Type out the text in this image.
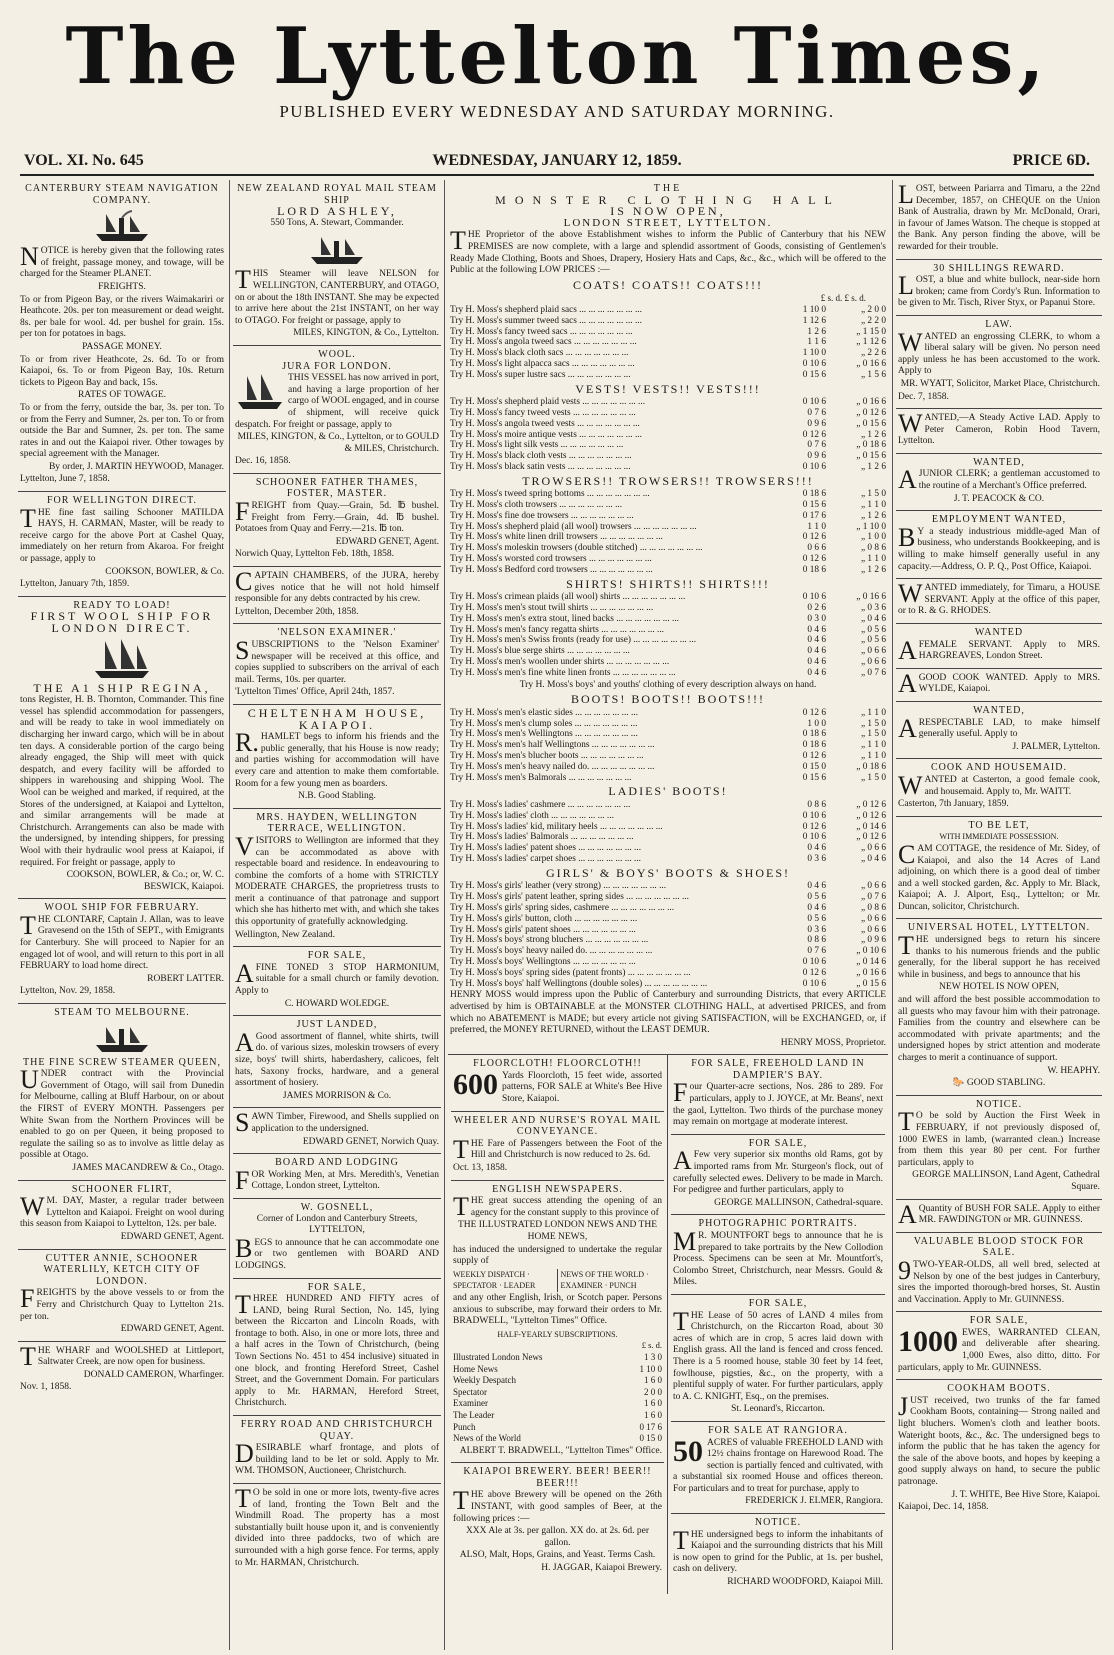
The Lyttelton Times,
PUBLISHED EVERY WEDNESDAY AND SATURDAY MORNING.
WEDNESDAY, JANUARY 12, 1859.
VOL. XI. No. 645	PRICE 6D.
CANTERBURY STEAM NAVIGATION COMPANY.

NOTICE is hereby given that the following rates of freight, passage money, and towage, will be charged for the Steamer PLANET.

FREIGHTS.

To or from Pigeon Bay, or the rivers Waimakariri or Heathcote. 20s. per ton measurement or dead weight. 8s. per bale for wool. 4d. per bushel for grain. 15s. per ton for potatoes in bags.

PASSAGE MONEY.

To or from river Heathcote, 2s. 6d. To or from Kaiapoi, 6s. To or from Pigeon Bay, 10s. Return tickets to Pigeon Bay and back, 15s.

RATES OF TOWAGE.

To or from the ferry, outside the bar, 3s. per ton. To or from the Ferry and Sumner, 2s. per ton. To or from outside the Bar and Sumner, 2s. per ton. The same rates in and out the Kaiapoi river. Other towages by special agreement with the Manager.

By order, J. MARTIN HEYWOOD, Manager.

Lyttelton, June 7, 1858.

FOR WELLINGTON DIRECT.

THE fine fast sailing Schooner MATILDA HAYS, H. CARMAN, Master, will be ready to receive cargo for the above Port at Cashel Quay, immediately on her return from Akaroa. For freight or passage, apply to

COOKSON, BOWLER, & Co.

Lyttelton, January 7th, 1859.

READY TO LOAD!
FIRST WOOL SHIP FOR LONDON DIRECT.
THE A1 SHIP REGINA,

tons Register, H. B. Thornton, Commander. This fine vessel has splendid accommodation for passengers, and will be ready to take in wool immediately on discharging her inward cargo, which will be in about ten days. A considerable portion of the cargo being already engaged, the Ship will meet with quick despatch, and every facility will be afforded to shippers in warehousing and shipping Wool. The Wool can be weighed and marked, if required, at the Stores of the undersigned, at Kaiapoi and Lyttelton, and similar arrangements will be made at Christchurch. Arrangements can also be made with the undersigned, by intending shippers, for pressing Wool with their hydraulic wool press at Kaiapoi, if required. For freight or passage, apply to

COOKSON, BOWLER, & Co.; or, W. C. BESWICK, Kaiapoi.

WOOL SHIP FOR FEBRUARY.

THE CLONTARF, Captain J. Allan, was to leave Gravesend on the 15th of SEPT., with Emigrants for Canterbury. She will proceed to Napier for an engaged lot of wool, and will return to this port in all FEBRUARY to load home direct.

ROBERT LATTER.

Lyttelton, Nov. 29, 1858.

STEAM TO MELBOURNE.
THE FINE SCREW STEAMER QUEEN,

UNDER contract with the Provincial Government of Otago, will sail from Dunedin for Melbourne, calling at Bluff Harbour, on or about the FIRST of EVERY MONTH. Passengers per White Swan from the Northern Provinces will be enabled to go on per Queen, it being proposed to regulate the sailing so as to involve as little delay as possible at Otago.

JAMES MACANDREW & Co., Otago.

SCHOONER FLIRT,

WM. DAY, Master, a regular trader between Lyttelton and Kaiapoi. Freight on wool during this season from Kaiapoi to Lyttelton, 12s. per bale.

EDWARD GENET, Agent.

CUTTER ANNIE, SCHOONER WATERLILY, KETCH CITY OF LONDON.

FREIGHTS by the above vessels to or from the Ferry and Christchurch Quay to Lyttelton 21s. per ton.

EDWARD GENET, Agent.

THE WHARF and WOOLSHED at Littleport, Saltwater Creek, are now open for business.

DONALD CAMERON, Wharfinger.

Nov. 1, 1858.

NEW ZEALAND ROYAL MAIL STEAM SHIP
LORD ASHLEY,
550 Tons, A. Stewart, Commander.

THIS Steamer will leave NELSON for WELLINGTON, CANTERBURY, and OTAGO, on or about the 18th INSTANT. She may be expected to arrive here about the 21st INSTANT, on her way to OTAGO. For freight or passage, apply to

MILES, KINGTON, & Co., Lyttelton.

WOOL.
JURA FOR LONDON.

THIS VESSEL has now arrived in port, and having a large proportion of her cargo of WOOL engaged, and in course of shipment, will receive quick despatch. For freight or passage, apply to

MILES, KINGTON, & Co., Lyttelton, or to GOULD & MILES, Christchurch.

Dec. 16, 1858.

SCHOONER FATHER THAMES, FOSTER, MASTER.

FREIGHT from Quay.—Grain, 5d. ℔ bushel. Freight from Ferry.—Grain, 4d. ℔ bushel. Potatoes from Quay and Ferry.—21s. ℔ ton.

EDWARD GENET, Agent.

Norwich Quay, Lyttelton Feb. 18th, 1858.

CAPTAIN CHAMBERS, of the JURA, hereby gives notice that he will not hold himself responsible for any debts contracted by his crew.

Lyttelton, December 20th, 1858.

'NELSON EXAMINER.'

SUBSCRIPTIONS to the 'Nelson Examiner' newspaper will be received at this office, and copies supplied to subscribers on the arrival of each mail. Terms, 10s. per quarter.

'Lyttelton Times' Office, April 24th, 1857.

CHELTENHAM HOUSE, KAIAPOI.

R.HAMLET begs to inform his friends and the public generally, that his House is now ready; and parties wishing for accommodation will have every care and attention to make them comfortable. Room for a few young men as boarders.

N.B. Good Stabling.

MRS. HAYDEN, WELLINGTON TERRACE, WELLINGTON.

VISITORS to Wellington are informed that they can be accommodated as above with respectable board and residence. In endeavouring to combine the comforts of a home with STRICTLY MODERATE CHARGES, the proprietress trusts to merit a continuance of that patronage and support which she has hitherto met with, and which she takes this opportunity of gratefully acknowledging.

Wellington, New Zealand.

FOR SALE,

AFINE TONED 3 STOP HARMONIUM, suitable for a small church or family devotion. Apply to

C. HOWARD WOLEDGE.

JUST LANDED,

AGood assortment of flannel, white shirts, twill do. of various sizes, moleskin trowsers of every size, boys' twill shirts, haberdashery, calicoes, felt hats, Saxony frocks, hardware, and a general assortment of hosiery.

JAMES MORRISON & Co.

SAWN Timber, Firewood, and Shells supplied on application to the undersigned.

EDWARD GENET, Norwich Quay.

BOARD AND LODGING

FOR Working Men, at Mrs. Meredith's, Venetian Cottage, London street, Lyttelton.

W. GOSNELL,
Corner of London and Canterbury Streets, LYTTELTON,

BEGS to announce that he can accommodate one or two gentlemen with BOARD AND LODGINGS.

FOR SALE,

THREE HUNDRED AND FIFTY acres of LAND, being Rural Section, No. 145, lying between the Riccarton and Lincoln Roads, with frontage to both. Also, in one or more lots, three and a half acres in the Town of Christchurch, (being Town Sections No. 451 to 454 inclusive) situated in one block, and fronting Hereford Street, Cashel Street, and the Government Domain. For particulars apply to Mr. HARMAN, Hereford Street, Christchurch.

FERRY ROAD AND CHRISTCHURCH QUAY.

DESIRABLE wharf frontage, and plots of building land to be let or sold. Apply to Mr. WM. THOMSON, Auctioneer, Christchurch.

TO be sold in one or more lots, twenty-five acres of land, fronting the Town Belt and the Windmill Road. The property has a most substantially built house upon it, and is conveniently divided into three paddocks, two of which are surrounded with a high gorse fence. For terms, apply to Mr. HARMAN, Christchurch.

THE
MONSTER CLOTHING HALL
IS NOW OPEN,
LONDON STREET, LYTTELTON.

THE Proprietor of the above Establishment wishes to inform the Public of Canterbury that his NEW PREMISES are now complete, with a large and splendid assortment of Goods, consisting of Gentlemen's Ready Made Clothing, Boots and Shoes, Drapery, Hosiery Hats and Caps, &c., &c., which will be offered to the Public at the following LOW PRICES :—

COATS! COATS!! COATS!!!
£ s. d. £ s. d.
Try H. Moss's shepherd plaid sacs ... ... ... ... ... ... ...	1 10 0	„ 2 0 0
Try H. Moss's summer tweed sacs ... ... ... ... ... ... ...	1 12 6	„ 2 2 0
Try H. Moss's fancy tweed sacs ... ... ... ... ... ... ...	1 2 6	„ 1 15 0
Try H. Moss's angola tweed sacs ... ... ... ... ... ... ...	1 1 6	„ 1 12 6
Try H. Moss's black cloth sacs ... ... ... ... ... ... ...	1 10 0	„ 2 2 6
Try H. Moss's light alpacca sacs ... ... ... ... ... ... ...	0 10 6	„ 0 16 6
Try H. Moss's super lustre sacs ... ... ... ... ... ... ...	0 15 6	„ 1 5 6
VESTS! VESTS!! VESTS!!!
Try H. Moss's shepherd plaid vests ... ... ... ... ... ... ...	0 10 6	„ 0 16 6
Try H. Moss's fancy tweed vests ... ... ... ... ... ... ...	0 7 6	„ 0 12 6
Try H. Moss's angola tweed vests ... ... ... ... ... ... ...	0 9 6	„ 0 15 6
Try H. Moss's moire antique vests ... ... ... ... ... ... ...	0 12 6	„ 1 2 6
Try H. Moss's light silk vests ... ... ... ... ... ... ...	0 7 6	„ 0 18 6
Try H. Moss's black cloth vests ... ... ... ... ... ... ...	0 9 6	„ 0 15 6
Try H. Moss's black satin vests ... ... ... ... ... ... ...	0 10 6	„ 1 2 6
TROWSERS!! TROWSERS!! TROWSERS!!!
Try H. Moss's tweed spring bottoms ... ... ... ... ... ... ...	0 18 6	„ 1 5 0
Try H. Moss's cloth trowsers ... ... ... ... ... ... ...	0 15 6	„ 1 1 0
Try H. Moss's fine doe trowsers ... ... ... ... ... ... ...	0 17 6	„ 1 2 6
Try H. Moss's shepherd plaid (all wool) trowsers ... ... ... ... ... ... ...	1 1 0	„ 1 10 0
Try H. Moss's white linen drill trowsers ... ... ... ... ... ... ...	0 12 6	„ 1 0 0
Try H. Moss's moleskin trowsers (double stitched) ... ... ... ... ... ... ...	0 6 6	„ 0 8 6
Try H. Moss's worsted cord trowsers ... ... ... ... ... ... ...	0 12 6	„ 1 1 0
Try H. Moss's Bedford cord trowsers ... ... ... ... ... ... ...	0 18 6	„ 1 2 6
SHIRTS! SHIRTS!! SHIRTS!!!
Try H. Moss's crimean plaids (all wool) shirts ... ... ... ... ... ... ...	0 10 6	„ 0 16 6
Try H. Moss's men's stout twill shirts ... ... ... ... ... ... ...	0 2 6	„ 0 3 6
Try H. Moss's men's extra stout, lined backs ... ... ... ... ... ... ...	0 3 0	„ 0 4 6
Try H. Moss's men's fancy regatta shirts ... ... ... ... ... ... ...	0 4 6	„ 0 5 6
Try H. Moss's men's Swiss fronts (ready for use) ... ... ... ... ... ... ...	0 4 6	„ 0 5 6
Try H. Moss's blue serge shirts ... ... ... ... ... ... ...	0 4 6	„ 0 6 6
Try H. Moss's men's woollen under shirts ... ... ... ... ... ... ...	0 4 6	„ 0 6 6
Try H. Moss's men's fine white linen fronts ... ... ... ... ... ... ...	0 4 6	„ 0 7 6

Try H. Moss's boys' and youths' clothing of every description always on hand.

BOOTS! BOOTS!! BOOTS!!!
Try H. Moss's men's elastic sides ... ... ... ... ... ... ...	0 12 6	„ 1 1 0
Try H. Moss's men's clump soles ... ... ... ... ... ... ...	1 0 0	„ 1 5 0
Try H. Moss's men's Wellingtons ... ... ... ... ... ... ...	0 18 6	„ 1 5 0
Try H. Moss's men's half Wellingtons ... ... ... ... ... ... ...	0 18 6	„ 1 1 0
Try H. Moss's men's blucher boots ... ... ... ... ... ... ...	0 12 6	„ 1 1 0
Try H. Moss's men's heavy nailed do. ... ... ... ... ... ... ...	0 15 0	„ 0 18 6
Try H. Moss's men's Balmorals ... ... ... ... ... ... ...	0 15 6	„ 1 5 0
LADIES' BOOTS!
Try H. Moss's ladies' cashmere ... ... ... ... ... ... ...	0 8 6	„ 0 12 6
Try H. Moss's ladies' cloth ... ... ... ... ... ... ...	0 10 6	„ 0 12 6
Try H. Moss's ladies' kid, military heels ... ... ... ... ... ... ...	0 12 6	„ 0 14 6
Try H. Moss's ladies' Balmorals ... ... ... ... ... ... ...	0 10 6	„ 0 12 6
Try H. Moss's ladies' patent shoes ... ... ... ... ... ... ...	0 4 6	„ 0 6 6
Try H. Moss's ladies' carpet shoes ... ... ... ... ... ... ...	0 3 6	„ 0 4 6
GIRLS' & BOYS' BOOTS & SHOES!
Try H. Moss's girls' leather (very strong) ... ... ... ... ... ... ...	0 4 6	„ 0 6 6
Try H. Moss's girls' patent leather, spring sides ... ... ... ... ... ... ...	0 5 6	„ 0 7 6
Try H. Moss's girls' spring sides, cashmere ... ... ... ... ... ... ...	0 4 6	„ 0 8 6
Try H. Moss's girls' button, cloth ... ... ... ... ... ... ...	0 5 6	„ 0 6 6
Try H. Moss's girls' patent shoes ... ... ... ... ... ... ...	0 3 6	„ 0 6 6
Try H. Moss's boys' strong bluchers ... ... ... ... ... ... ...	0 8 6	„ 0 9 6
Try H. Moss's boys' heavy nailed do. ... ... ... ... ... ... ...	0 7 6	„ 0 10 6
Try H. Moss's boys' Wellingtons ... ... ... ... ... ... ...	0 10 6	„ 0 14 6
Try H. Moss's boys' spring sides (patent fronts) ... ... ... ... ... ... ...	0 12 6	„ 0 16 6
Try H. Moss's boys' half Wellingtons (double soles) ... ... ... ... ... ... ...	0 10 6	„ 0 15 6

HENRY MOSS would impress upon the Public of Canterbury and surrounding Districts, that every ARTICLE advertised by him is OBTAINABLE at the MONSTER CLOTHING HALL, at advertised PRICES, and from which no ABATEMENT is MADE; but every article not giving SATISFACTION, will be EXCHANGED, or, if preferred, the MONEY RETURNED, without the LEAST DEMUR.

HENRY MOSS, Proprietor.

FLOORCLOTH! FLOORCLOTH!!
600 Yards Floorcloth, 15 feet wide, assorted patterns, FOR SALE at White's Bee Hive Store, Kaiapoi.

WHEELER AND NURSE'S ROYAL MAIL CONVEYANCE.

THE Fare of Passengers between the Foot of the Hill and Christchurch is now reduced to 2s. 6d.

Oct. 13, 1858.

ENGLISH NEWSPAPERS.

THE great success attending the opening of an agency for the constant supply to this province of

THE ILLUSTRATED LONDON NEWS AND THE HOME NEWS,

has induced the undersigned to undertake the regular supply of

WEEKLY DISPATCH · SPECTATOR · LEADER
NEWS OF THE WORLD · EXAMINER · PUNCH

and any other English, Irish, or Scotch paper. Persons anxious to subscribe, may forward their orders to Mr. BRADWELL, "Lyttelton Times" Office.

HALF-YEARLY SUBSCRIPTIONS.
£ s. d.
Illustrated London News	1 3 0
Home News	1 10 0
Weekly Despatch	1 6 0
Spectator	2 0 0
Examiner	1 6 0
The Leader	1 6 0
Punch	0 17 6
News of the World	0 15 0

ALBERT T. BRADWELL, "Lyttelton Times" Office.

KAIAPOI BREWERY. BEER! BEER!! BEER!!!

THE above Brewery will be opened on the 26th INSTANT, with good samples of Beer, at the following prices :—

XXX Ale at 3s. per gallon. XX do. at 2s. 6d. per gallon.

ALSO, Malt, Hops, Grains, and Yeast. Terms Cash.

H. JAGGAR, Kaiapoi Brewery.

FOR SALE, FREEHOLD LAND IN DAMPIER'S BAY.

Four Quarter-acre sections, Nos. 286 to 289. For particulars, apply to J. JOYCE, at Mr. Beans', next the gaol, Lyttelton. Two thirds of the purchase money may remain on mortgage at moderate interest.

FOR SALE,

AFew very superior six months old Rams, got by imported rams from Mr. Sturgeon's flock, out of carefully selected ewes. Delivery to be made in March. For pedigree and further particulars, apply to

GEORGE MALLINSON, Cathedral-square.

PHOTOGRAPHIC PORTRAITS.

MR. MOUNTFORT begs to announce that he is prepared to take portraits by the New Collodion Process. Specimens can be seen at Mr. Mountfort's, Colombo Street, Christchurch, near Messrs. Gould & Miles.

FOR SALE,

THE Lease of 50 acres of LAND 4 miles from Christchurch, on the Riccarton Road, about 30 acres of which are in crop, 5 acres laid down with English grass. All the land is fenced and cross fenced. There is a 5 roomed house, stable 30 feet by 14 feet, fowlhouse, pigsties, &c., on the property, with a plentiful supply of water. For further particulars, apply to A. C. KNIGHT, Esq., on the premises.

St. Leonard's, Riccarton.

FOR SALE AT RANGIORA.
50 ACRES of valuable FREEHOLD LAND with 12½ chains frontage on Harewood Road. The section is partially fenced and cultivated, with a substantial six roomed House and offices thereon. For particulars and to treat for purchase, apply to

FREDERICK J. ELMER, Rangiora.

NOTICE.

THE undersigned begs to inform the inhabitants of Kaiapoi and the surrounding districts that his Mill is now open to grind for the Public, at 1s. per bushel, cash on delivery.

RICHARD WOODFORD, Kaiapoi Mill.

LOST, between Pariarra and Timaru, a the 22nd December, 1857, on CHEQUE on the Union Bank of Australia, drawn by Mr. McDonald, Orari, in favour of James Watson. The cheque is stopped at the Bank. Any person finding the above, will be rewarded for their trouble.

30 SHILLINGS REWARD.

LOST, a blue and white bullock, near-side horn broken; came from Cordy's Run. Information to be given to Mr. Tisch, River Styx, or Papanui Store.

LAW.

WANTED an engrossing CLERK, to whom a liberal salary will be given. No person need apply unless he has been accustomed to the work. Apply to

MR. WYATT, Solicitor, Market Place, Christchurch.

Dec. 7, 1858.

WANTED,—A Steady Active LAD. Apply to Peter Cameron, Robin Hood Tavern, Lyttelton.

WANTED,

AJUNIOR CLERK; a gentleman accustomed to the routine of a Merchant's Office preferred.

J. T. PEACOCK & CO.

EMPLOYMENT WANTED,

BY a steady industrious middle-aged Man of business, who understands Bookkeeping, and is willing to make himself generally useful in any capacity.—Address, O. P. Q., Post Office, Kaiapoi.

WANTED immediately, for Timaru, a HOUSE SERVANT. Apply at the office of this paper, or to R. & G. RHODES.

WANTED

AFEMALE SERVANT. Apply to MRS. HARGREAVES, London Street.

AGOOD COOK WANTED. Apply to MRS. WYLDE, Kaiapoi.

WANTED,

ARESPECTABLE LAD, to make himself generally useful. Apply to

J. PALMER, Lyttelton.

COOK AND HOUSEMAID.

WANTED at Casterton, a good female cook, and housemaid. Apply to, Mr. WAITT.

Casterton, 7th January, 1859.

TO BE LET,
WITH IMMEDIATE POSSESSION.

CAM COTTAGE, the residence of Mr. Sidey, of Kaiapoi, and also the 14 Acres of Land adjoining, on which there is a good deal of timber and a well stocked garden, &c. Apply to Mr. Black, Kaiapoi; A. J. Alport, Esq., Lyttelton; or Mr. Duncan, solicitor, Christchurch.

UNIVERSAL HOTEL, LYTTELTON.

THE undersigned begs to return his sincere thanks to his numerous friends and the public generally, for the liberal support he has received while in business, and begs to announce that his

NEW HOTEL IS NOW OPEN,

and will afford the best possible accommodation to all guests who may favour him with their patronage. Families from the country and elsewhere can be accommodated with private apartments; and the undersigned hopes by strict attention and moderate charges to merit a continuance of support.

W. HEAPHY.

🐎 GOOD STABLING.

NOTICE.

TO be sold by Auction the First Week in FEBRUARY, if not previously disposed of, 1000 EWES in lamb, (warranted clean.) Increase from them this year 80 per cent. For further particulars, apply to

GEORGE MALLINSON, Land Agent, Cathedral Square.

AQuantity of BUSH FOR SALE. Apply to either MR. FAWDINGTON or MR. GUINNESS.

VALUABLE BLOOD STOCK FOR SALE.

9TWO-YEAR-OLDS, all well bred, selected at Nelson by one of the best judges in Canterbury, sires the imported thorough-bred horses, St. Austin and Vaccination. Apply to Mr. GUINNESS.

FOR SALE,
1000 EWES, WARRANTED CLEAN, and deliverable after shearing. 1,000 Ewes, also ditto, ditto. For particulars, apply to Mr. GUINNESS.

COOKHAM BOOTS.

JUST received, two trunks of the far famed Cookham Boots, containing— Strong nailed and light bluchers. Women's cloth and leather boots. Wateright boots, &c., &c. The undersigned begs to inform the public that he has taken the agency for the sale of the above boots, and hopes by keeping a good supply always on hand, to secure the public patronage.

J. T. WHITE, Bee Hive Store, Kaiapoi.

Kaiapoi, Dec. 14, 1858.
